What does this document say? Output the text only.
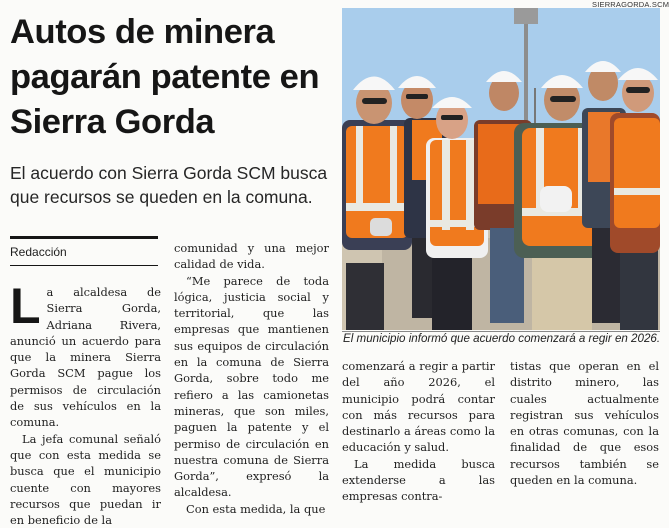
Autos de minera
pagarán patente en
Sierra Gorda
El acuerdo con Sierra Gorda SCM busca que recursos se queden en la comuna.
Redacción

La alcaldesa de Sierra Gorda, Adriana Rivera, anunció un acuerdo para que la minera Sierra Gorda SCM pague los permisos de circulación de sus vehículos en la comuna.

La jefa comunal señaló que con esta medida se busca que el municipio cuente con mayores recursos que puedan ir en beneficio de la

comunidad y una mejor calidad de vida.

“Me parece de toda lógica, justicia social y territorial, que las empresas que mantienen sus equipos de circulación en la comuna de Sierra Gorda, sobre todo me refiero a las camionetas mineras, que son miles, paguen la patente y el permiso de circulación en nuestra comuna de Sierra Gorda”, expresó la alcaldesa.

Con esta medida, la que

SIERRAGORDA.SCM
El municipio informó que acuerdo comenzará a regir en 2026.

comenzará a regir a partir del año 2026, el municipio podrá contar con más recursos para destinarlo a áreas como la educación y salud.

La medida busca extenderse a las empresas contra-

tistas que operan en el distrito minero, las cuales actualmente registran sus vehículos en otras comunas, con la finalidad de que esos recursos también se queden en la comuna.
